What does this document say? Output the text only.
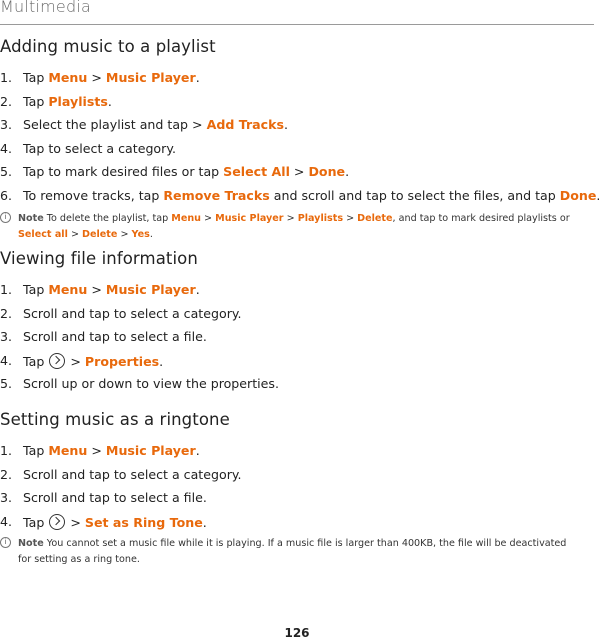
Multimedia
Adding music to a playlist
1. Tap Menu > Music Player.
2. Tap Playlists.
3. Select the playlist and tap > Add Tracks.
4. Tap to select a category.
5. Tap to mark desired files or tap Select All > Done.
6. To remove tracks, tap Remove Tracks and scroll and tap to select the files, and tap Done.
i	Note To delete the playlist, tap Menu > Music Player > Playlists > Delete, and tap to mark desired playlists or
Select all > Delete > Yes.
Viewing file information
1. Tap Menu > Music Player.
2. Scroll and tap to select a category.
3. Scroll and tap to select a file.
4. Tap  > Properties.
5. Scroll up or down to view the properties.
Setting music as a ringtone
1. Tap Menu > Music Player.
2. Scroll and tap to select a category.
3. Scroll and tap to select a file.
4. Tap  > Set as Ring Tone.
i	Note You cannot set a music file while it is playing. If a music file is larger than 400KB, the file will be deactivated
for setting as a ring tone.
126
